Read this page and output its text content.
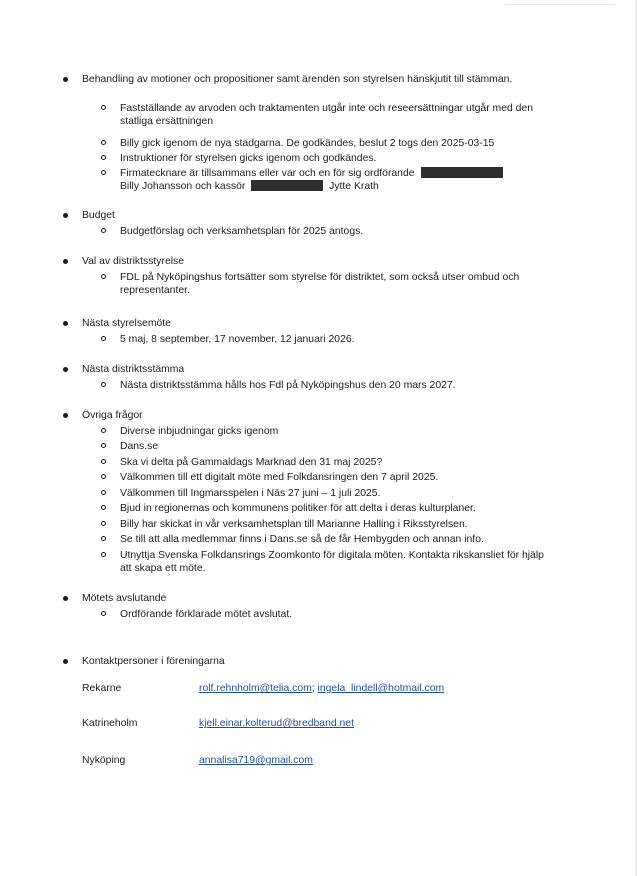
Behandling av motioner och propositioner samt ärenden son styrelsen hänskjutit till stämman.

Fastställande av arvoden och traktamenten utgår inte och reseersättningar utgår med den statliga ersättningen

Billy gick igenom de nya stadgarna. De godkändes, beslut 2 togs den 2025-03-15

Instruktioner för styrelsen gicks igenom och godkändes.

Firmatecknare är tillsammans eller var och en för sig ordförande
Billy Johansson och kassör	Jytte Krath

Budget

Budgetförslag och verksamhetsplan för 2025 antogs.

Val av distriktsstyrelse

FDL på Nyköpingshus fortsätter som styrelse för distriktet, som också utser ombud och representanter.

Nästa styrelsemöte

5 maj, 8 september, 17 november, 12 januari 2026.

Nästa distriktsstämma

Nästa distriktsstämma hålls hos Fdl på Nyköpingshus den 20 mars 2027.

Övriga frågor

Diverse inbjudningar gicks igenom

Dans.se

Ska vi delta på Gammaldags Marknad den 31 maj 2025?

Välkommen till ett digitalt möte med Folkdansringen den 7 april 2025.

Välkommen till Ingmarsspelen i Näs 27 juni – 1 juli 2025.

Bjud in regionernas och kommunens politiker för att delta i deras kulturplaner.

Billy har skickat in vår verksamhetsplan till Marianne Halling i Riksstyrelsen.

Se till att alla medlemmar finns i Dans.se så de får Hembygden och annan info.

Utnyttja Svenska Folkdansrings Zoomkonto för digitala möten. Kontakta rikskansliet för hjälp att skapa ett möte.

Mötets avslutande

Ordförande förklarade mötet avslutat.

Kontaktpersoner i föreningarna

Rekarne	rolf.rehnholm@telia.com; ingela_lindell@hotmail.com
Katrineholm	kjell.einar.kolterud@bredband.net
Nyköping	annalisa719@gmail.com
